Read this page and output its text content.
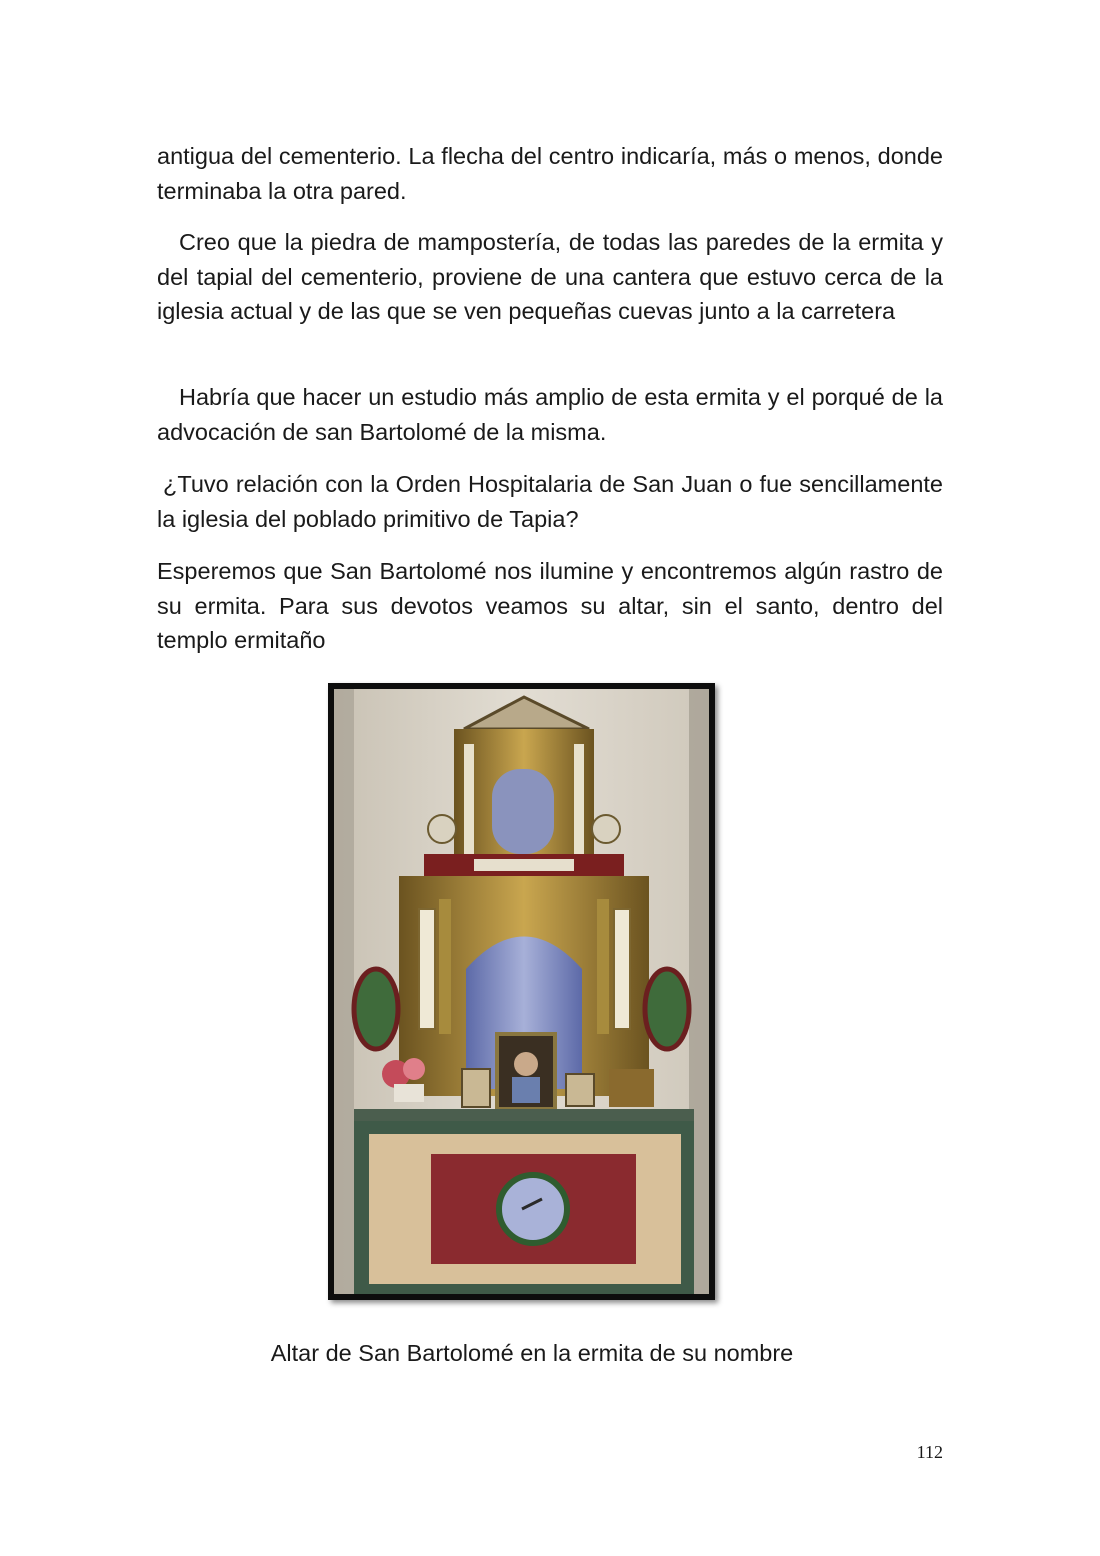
antigua del cementerio. La flecha del centro indicaría, más o menos, donde terminaba la otra pared.

Creo que la piedra de mampostería, de todas las paredes de la ermita y del tapial del cementerio, proviene de una cantera que estuvo cerca de la iglesia actual y de las que se ven pequeñas cuevas junto a la carretera

Habría que hacer un estudio más amplio de esta ermita y el porqué de la advocación de san Bartolomé de la misma.

¿Tuvo relación con la Orden Hospitalaria de San Juan o fue sencillamente la iglesia del poblado primitivo de Tapia?

Esperemos que San Bartolomé nos ilumine y encontremos algún rastro de su ermita. Para sus devotos veamos su altar, sin el santo, dentro del templo ermitaño

Altar de San Bartolomé en la ermita de su nombre
112
